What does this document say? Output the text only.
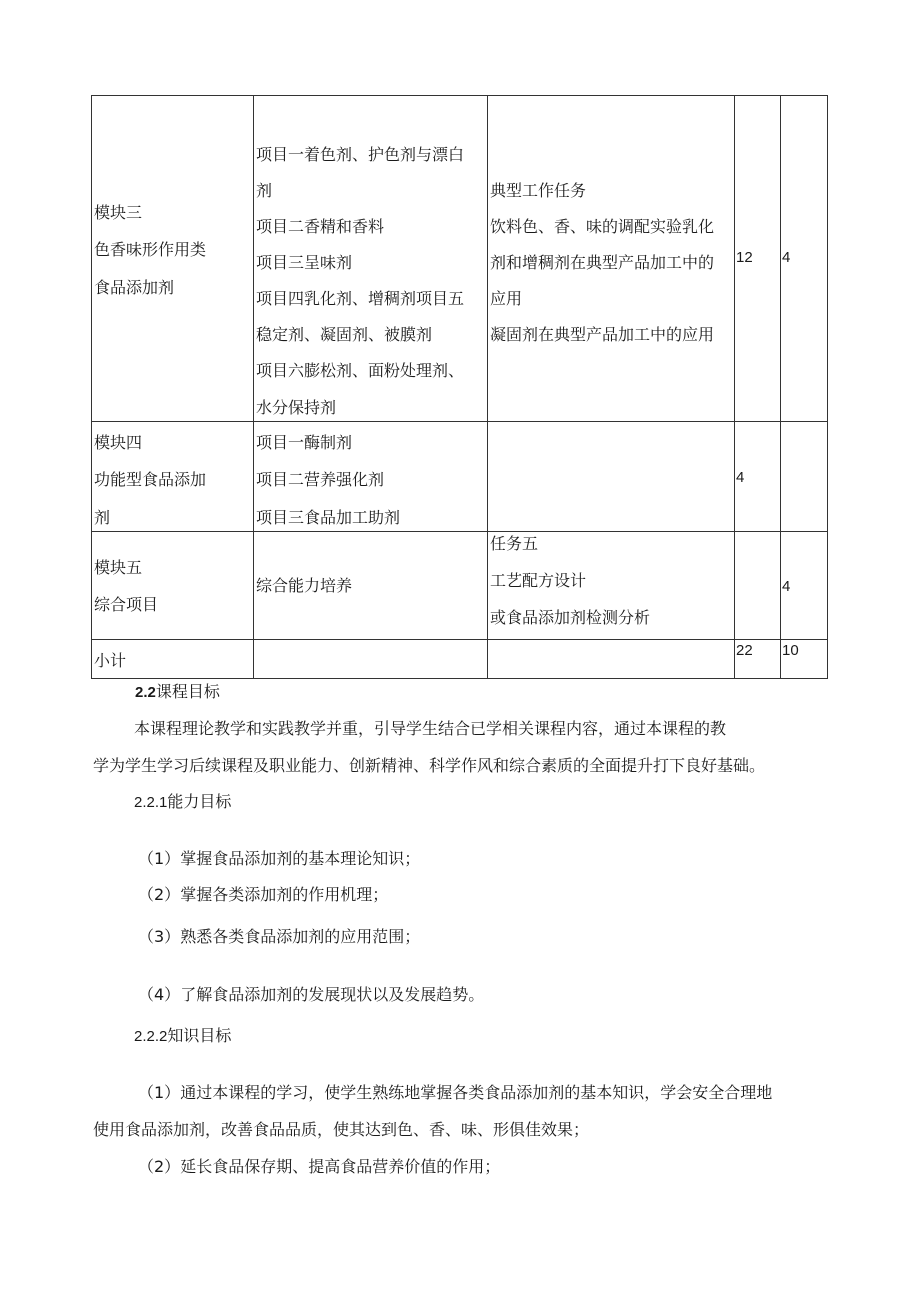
模块三
色香味形作用类
食品添加剂
项目一着色剂、护色剂与漂白
剂
项目二香精和香料
项目三呈味剂
项目四乳化剂、增稠剂项目五
稳定剂、凝固剂、被膜剂
项目六膨松剂、面粉处理剂、
水分保持剂
典型工作任务
饮料色、香、味的调配实验乳化
剂和增稠剂在典型产品加工中的
应用
凝固剂在典型产品加工中的应用
12 4
模块四
功能型食品添加
剂
项目一酶制剂
项目二营养强化剂
项目三食品加工助剂
4
模块五
综合项目
综合能力培养
任务五
工艺配方设计
或食品添加剂检测分析
4
小计
22 10
2.2课程目标
本课程理论教学和实践教学并重，引导学生结合已学相关课程内容，通过本课程的教
学为学生学习后续课程及职业能力、创新精神、科学作风和综合素质的全面提升打下良好基础。
2.2.1能力目标
（1）掌握食品添加剂的基本理论知识；
（2）掌握各类添加剂的作用机理；
（3）熟悉各类食品添加剂的应用范围；
（4）了解食品添加剂的发展现状以及发展趋势。
2.2.2知识目标
（1）通过本课程的学习，使学生熟练地掌握各类食品添加剂的基本知识，学会安全合理地
使用食品添加剂，改善食品品质，使其达到色、香、味、形俱佳效果；
（2）延长食品保存期、提高食品营养价值的作用；
